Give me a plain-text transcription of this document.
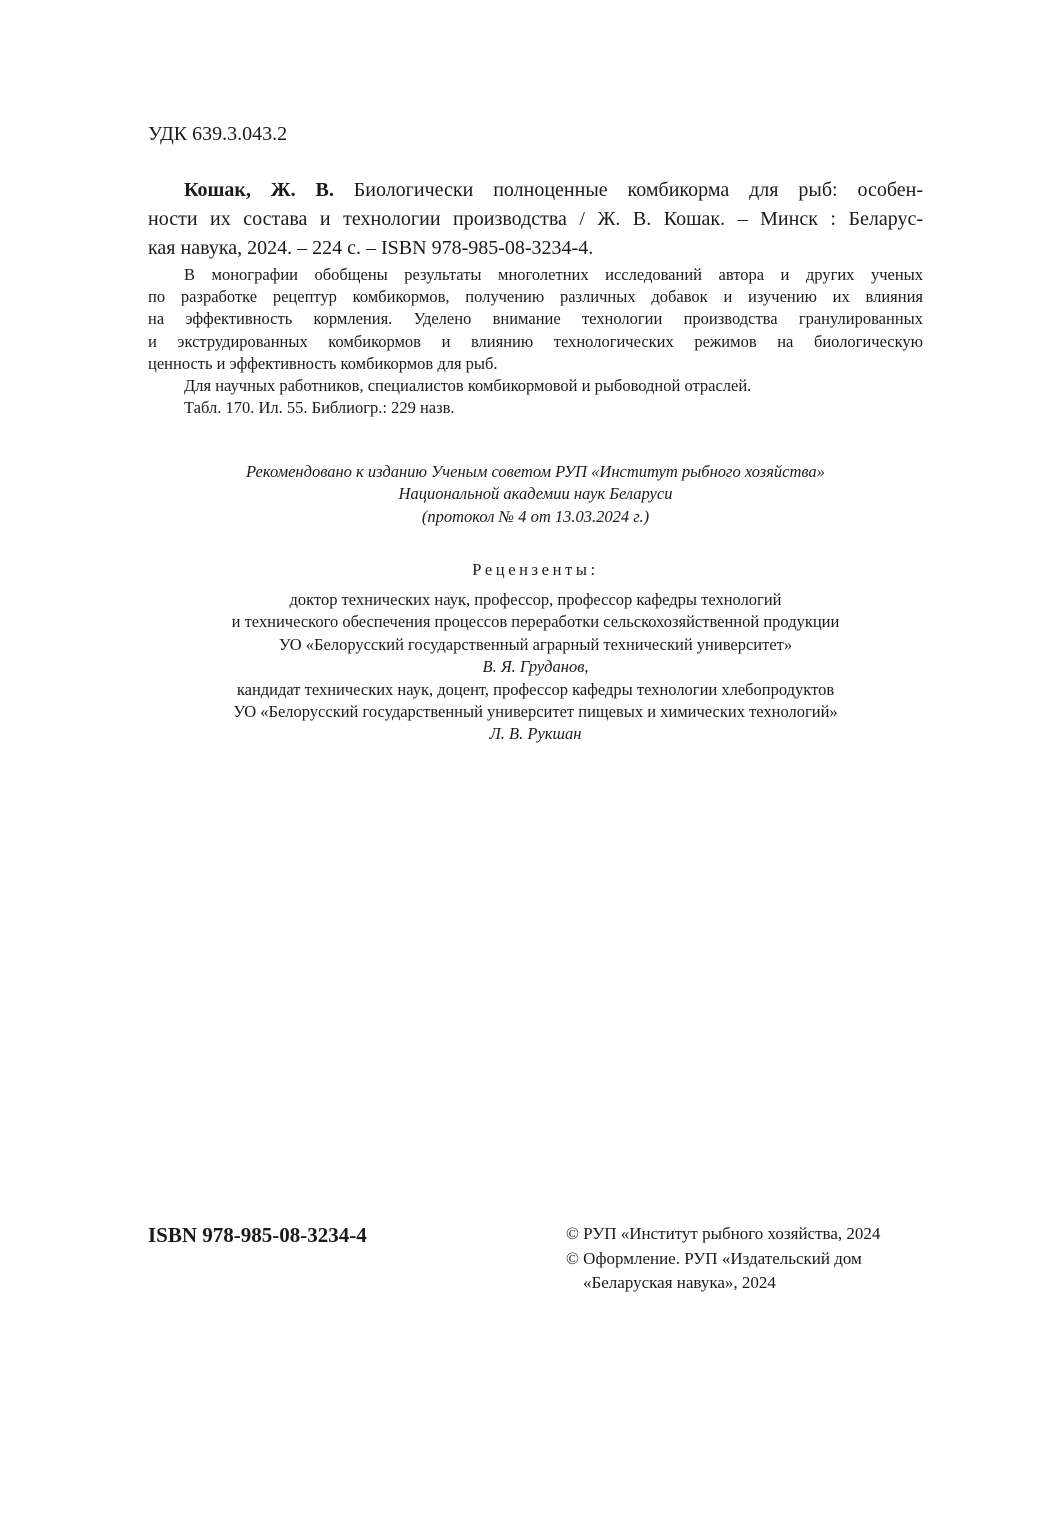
УДК 639.3.043.2
Кошак, Ж. В. Биологически полноценные комбикорма для рыб: особен-
ности их состава и технологии производства / Ж. В. Кошак. – Минск : Беларус-
кая навука, 2024. – 224 с. – ISBN 978-985-08-3234-4.
В монографии обобщены результаты многолетних исследований автора и других ученых
по разработке рецептур комбикормов, получению различных добавок и изучению их влияния
на эффективность кормления. Уделено внимание технологии производства гранулированных
и экструдированных комбикормов и влиянию технологических режимов на биологическую
ценность и эффективность комбикормов для рыб.
Для научных работников, специалистов комбикормовой и рыбоводной отраслей.
Табл. 170. Ил. 55. Библиогр.: 229 назв.
Рекомендовано к изданию Ученым советом РУП «Институт рыбного хозяйства»
Национальной академии наук Беларуси
(протокол № 4 от 13.03.2024 г.)
Рецензенты:
доктор технических наук, профессор, профессор кафедры технологий
и технического обеспечения процессов переработки сельскохозяйственной продукции
УО «Белорусский государственный аграрный технический университет»
В. Я. Груданов,
кандидат технических наук, доцент, профессор кафедры технологии хлебопродуктов
УО «Белорусский государственный университет пищевых и химических технологий»
Л. В. Рукшан
ISBN 978-985-08-3234-4	© РУП «Институт рыбного хозяйства, 2024
© Оформление. РУП «Издательский дом
«Беларуская навука», 2024
